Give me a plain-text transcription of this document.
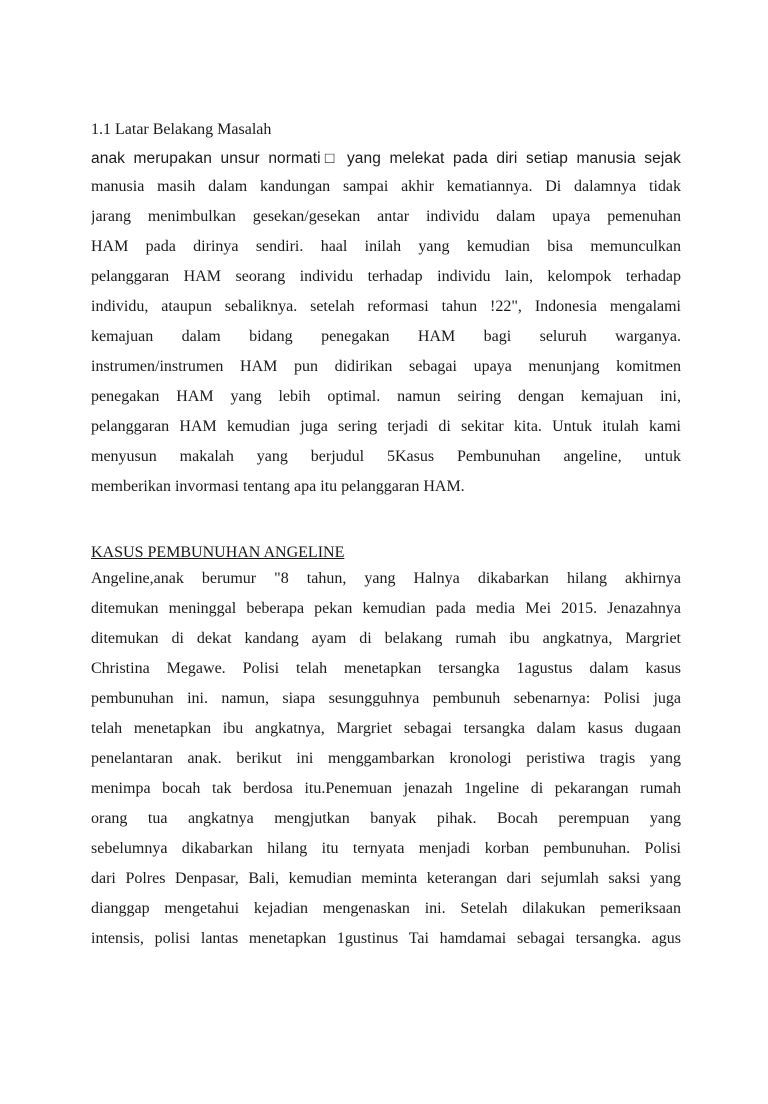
1.1 Latar Belakang Masalah
anak merupakan unsur normati□ yang melekat pada diri setiap manusia sejak
manusia masih dalam kandungan sampai akhir kematiannya. Di dalamnya tidak
jarang menimbulkan gesekan/gesekan antar individu dalam upaya pemenuhan
HAM pada dirinya sendiri. haal inilah yang kemudian bisa memunculkan
pelanggaran HAM seorang individu terhadap individu lain, kelompok terhadap
individu, ataupun sebaliknya. setelah reformasi tahun !22", Indonesia mengalami
kemajuan dalam bidang penegakan HAM bagi seluruh warganya.
instrumen/instrumen HAM pun didirikan sebagai upaya menunjang komitmen
penegakan HAM yang lebih optimal. namun seiring dengan kemajuan ini,
pelanggaran HAM kemudian juga sering terjadi di sekitar kita. Untuk itulah kami
menyusun makalah yang berjudul 5Kasus Pembunuhan angeline, untuk
memberikan invormasi tentang apa itu pelanggaran HAM.
KASUS PEMBUNUHAN ANGELINE
Angeline,anak berumur "8 tahun, yang Halnya dikabarkan hilang akhirnya
ditemukan meninggal beberapa pekan kemudian pada media Mei 2015. Jenazahnya
ditemukan di dekat kandang ayam di belakang rumah ibu angkatnya, Margriet
Christina Megawe. Polisi telah menetapkan tersangka 1agustus dalam kasus
pembunuhan ini. namun, siapa sesungguhnya pembunuh sebenarnya: Polisi juga
telah menetapkan ibu angkatnya, Margriet sebagai tersangka dalam kasus dugaan
penelantaran anak. berikut ini menggambarkan kronologi peristiwa tragis yang
menimpa bocah tak berdosa itu.Penemuan jenazah 1ngeline di pekarangan rumah
orang tua angkatnya mengjutkan banyak pihak. Bocah perempuan yang
sebelumnya dikabarkan hilang itu ternyata menjadi korban pembunuhan. Polisi
dari Polres Denpasar, Bali, kemudian meminta keterangan dari sejumlah saksi yang
dianggap mengetahui kejadian mengenaskan ini. Setelah dilakukan pemeriksaan
intensis, polisi lantas menetapkan 1gustinus Tai hamdamai sebagai tersangka. agus
